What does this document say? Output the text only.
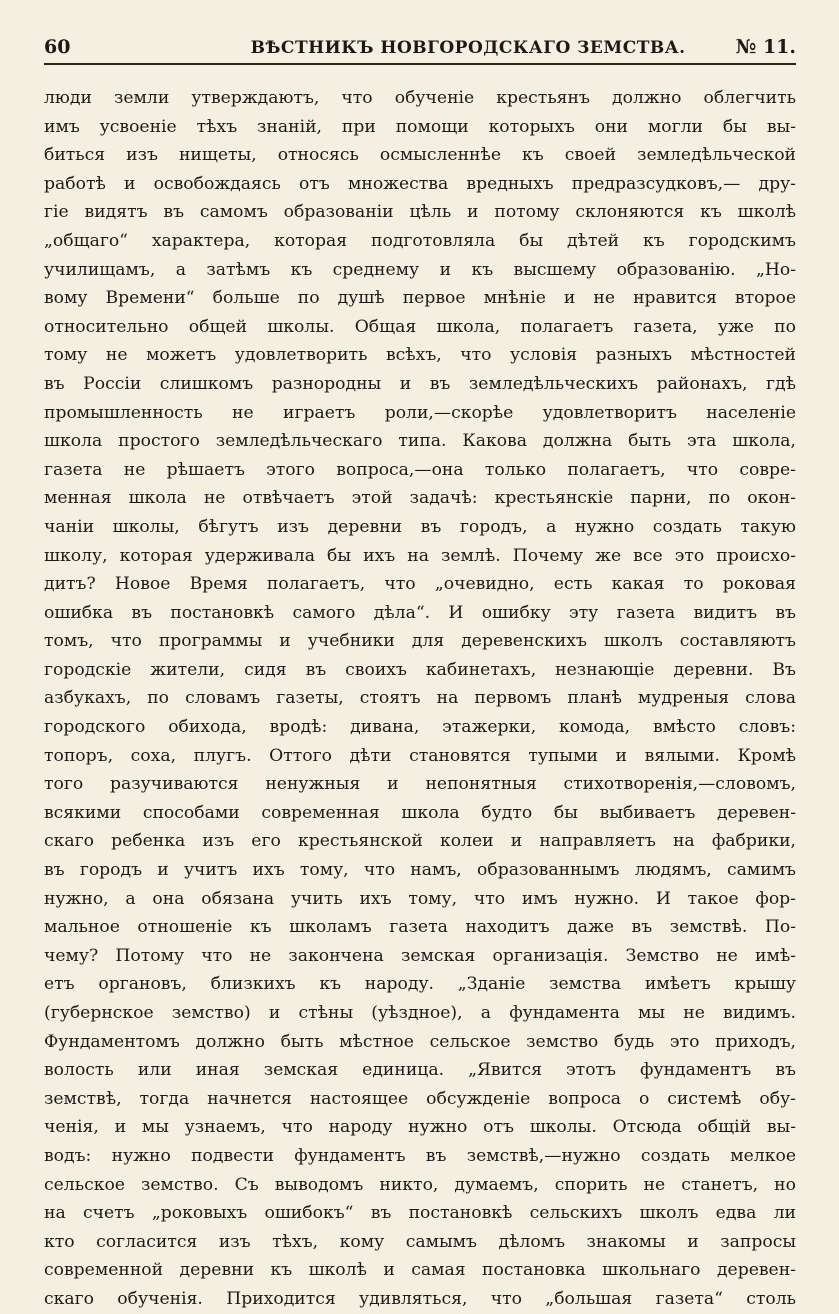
60	ВѢСТНИКЪ НОВГОРОДСКАГО ЗЕМСТВА.	№ 11.
люди земли утверждаютъ, что обученіе крестьянъ должно облегчить
имъ усвоеніе тѣхъ знаній, при помощи которыхъ они могли бы вы-
биться изъ нищеты, относясь осмысленнѣе къ своей земледѣльческой
работѣ и освобождаясь отъ множества вредныхъ предразсудковъ,— дру-
гіе видятъ въ самомъ образованіи цѣль и потому склоняются къ школѣ
„общаго“ характера, которая подготовляла бы дѣтей къ городскимъ
училищамъ, а затѣмъ къ среднему и къ высшему образованію. „Но-
вому Времени“ больше по душѣ первое мнѣніе и не нравится второе
относительно общей школы. Общая школа, полагаетъ газета, уже по
тому не можетъ удовлетворить всѣхъ, что условія разныхъ мѣстностей
въ Россіи слишкомъ разнородны и въ земледѣльческихъ районахъ, гдѣ
промышленность не играетъ роли,—скорѣе удовлетворитъ населеніе
школа простого земледѣльческаго типа. Какова должна быть эта школа,
газета не рѣшаетъ этого вопроса,—она только полагаетъ, что совре-
менная школа не отвѣчаетъ этой задачѣ: крестьянскіе парни, по окон-
чаніи школы, бѣгутъ изъ деревни въ городъ, а нужно создать такую
школу, которая удерживала бы ихъ на землѣ. Почему же все это происхо-
дитъ? Новое Время полагаетъ, что „очевидно, есть какая то роковая
ошибка въ постановкѣ самого дѣла“. И ошибку эту газета видитъ въ
томъ, что программы и учебники для деревенскихъ школъ составляютъ
городскіе жители, сидя въ своихъ кабинетахъ, незнающіе деревни. Въ
азбукахъ, по словамъ газеты, стоятъ на первомъ планѣ мудреныя слова
городского обихода, вродѣ: дивана, этажерки, комода, вмѣсто словъ:
топоръ, соха, плугъ. Оттого дѣти становятся тупыми и вялыми. Кромѣ
того разучиваются ненужныя и непонятныя стихотворенія,—словомъ,
всякими способами современная школа будто бы выбиваетъ деревен-
скаго ребенка изъ его крестьянской колеи и направляетъ на фабрики,
въ городъ и учитъ ихъ тому, что намъ, образованнымъ людямъ, самимъ
нужно, а она обязана учить ихъ тому, что имъ нужно. И такое фор-
мальное отношеніе къ школамъ газета находитъ даже въ земствѣ. По-
чему? Потому что не закончена земская организація. Земство не имѣ-
етъ органовъ, близкихъ къ народу. „Зданіе земства имѣетъ крышу
(губернское земство) и стѣны (уѣздное), а фундамента мы не видимъ.
Фундаментомъ должно быть мѣстное сельское земство будь это приходъ,
волость или иная земская единица. „Явится этотъ фундаментъ въ
земствѣ, тогда начнется настоящее обсужденіе вопроса о системѣ обу-
ченія, и мы узнаемъ, что народу нужно отъ школы. Отсюда общій вы-
водъ: нужно подвести фундаментъ въ земствѣ,—нужно создать мелкое
сельское земство. Съ выводомъ никто, думаемъ, спорить не станетъ, но
на счетъ „роковыхъ ошибокъ“ въ постановкѣ сельскихъ школъ едва ли
кто согласится изъ тѣхъ, кому самымъ дѣломъ знакомы и запросы
современной деревни къ школѣ и самая постановка школьнаго деревен-
скаго обученія. Приходится удивляться, что „большая газета“ столь
